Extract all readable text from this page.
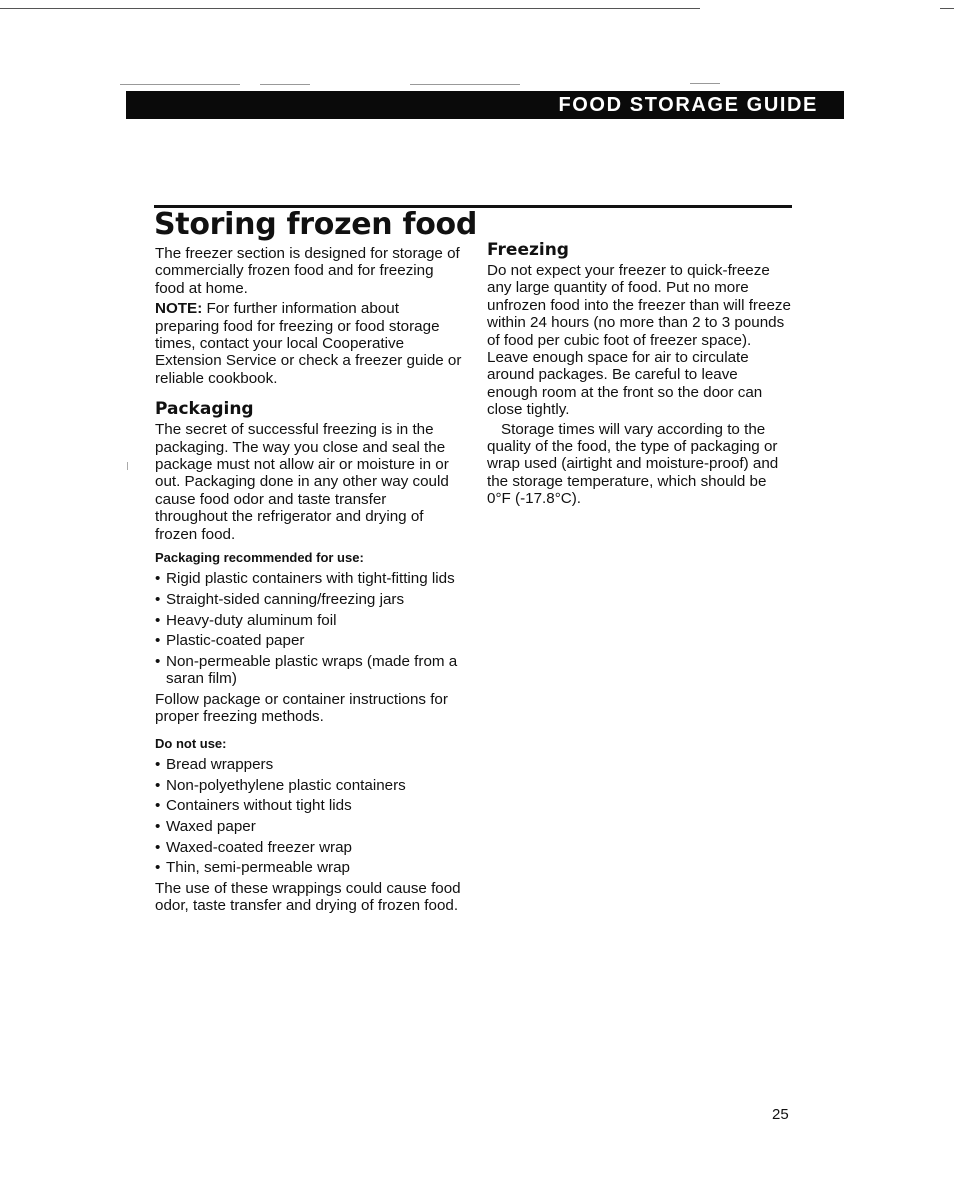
FOOD STORAGE GUIDE
Storing frozen food

The freezer section is designed for storage of commercially frozen food and for freezing food at home.

NOTE: For further information about preparing food for freezing or food storage times, contact your local Cooperative Extension Service or check a freezer guide or reliable cookbook.

Packaging

The secret of successful freezing is in the packaging. The way you close and seal the package must not allow air or moisture in or out. Packaging done in any other way could cause food odor and taste transfer throughout the refrigerator and drying of frozen food.

Packaging recommended for use:
• Rigid plastic containers with tight-fitting lids
• Straight-sided canning/freezing jars
• Heavy-duty aluminum foil
• Plastic-coated paper
• Non-permeable plastic wraps (made from a saran film)

Follow package or container instructions for proper freezing methods.

Do not use:
• Bread wrappers
• Non-polyethylene plastic containers
• Containers without tight lids
• Waxed paper
• Waxed-coated freezer wrap
• Thin, semi-permeable wrap

The use of these wrappings could cause food odor, taste transfer and drying of frozen food.

Freezing

Do not expect your freezer to quick-freeze any large quantity of food. Put no more unfrozen food into the freezer than will freeze within 24 hours (no more than 2 to 3 pounds of food per cubic foot of freezer space). Leave enough space for air to circulate around packages. Be careful to leave enough room at the front so the door can close tightly.

Storage times will vary according to the quality of the food, the type of packaging or wrap used (airtight and moisture-proof) and the storage temperature, which should be 0°F (-17.8°C).

25
